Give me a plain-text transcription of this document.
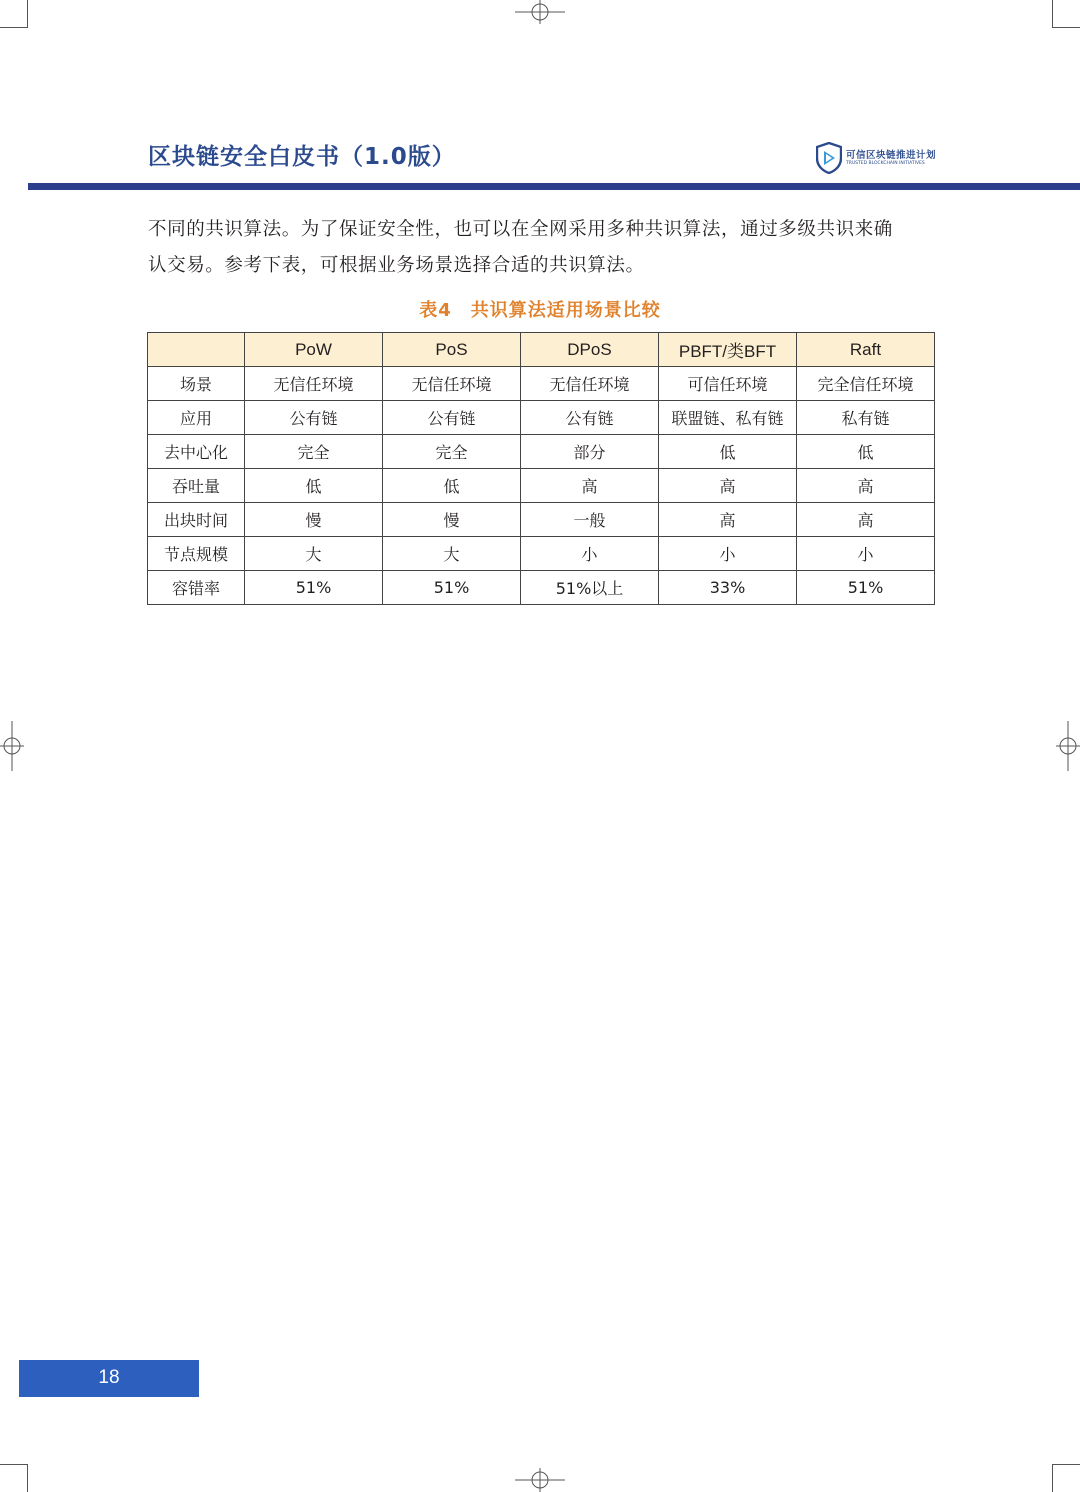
区块链安全白皮书（1.0版）	可信区块链推进计划
TRUSTED BLOCKCHAIN INITIATIVES
不同的共识算法。为了保证安全性，也可以在全网采用多种共识算法，通过多级共识来确
认交易。参考下表，可根据业务场景选择合适的共识算法。
表4　共识算法适用场景比较
	PoW	PoS	DPoS	PBFT/类BFT	Raft
场景	无信任环境	无信任环境	无信任环境	可信任环境	完全信任环境
应用	公有链	公有链	公有链	联盟链、私有链	私有链
去中心化	完全	完全	部分	低	低
吞吐量	低	低	高	高	高
出块时间	慢	慢	一般	高	高
节点规模	大	大	小	小	小
容错率	51%	51%	51%以上	33%	51%
18
